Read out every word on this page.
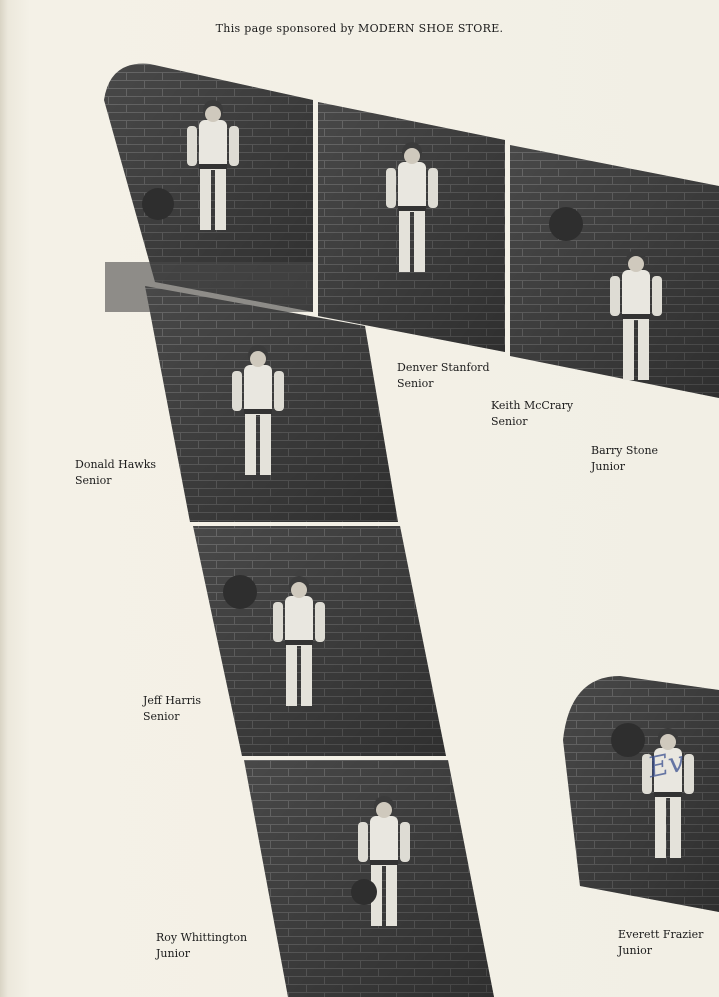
This page sponsored by MODERN SHOE STORE.
Ev
Denver Stanford
Senior
Keith McCrary
Senior
Barry Stone
Junior
Donald Hawks
Senior
Jeff Harris
Senior
Roy Whittington
Junior
Everett Frazier
Junior
